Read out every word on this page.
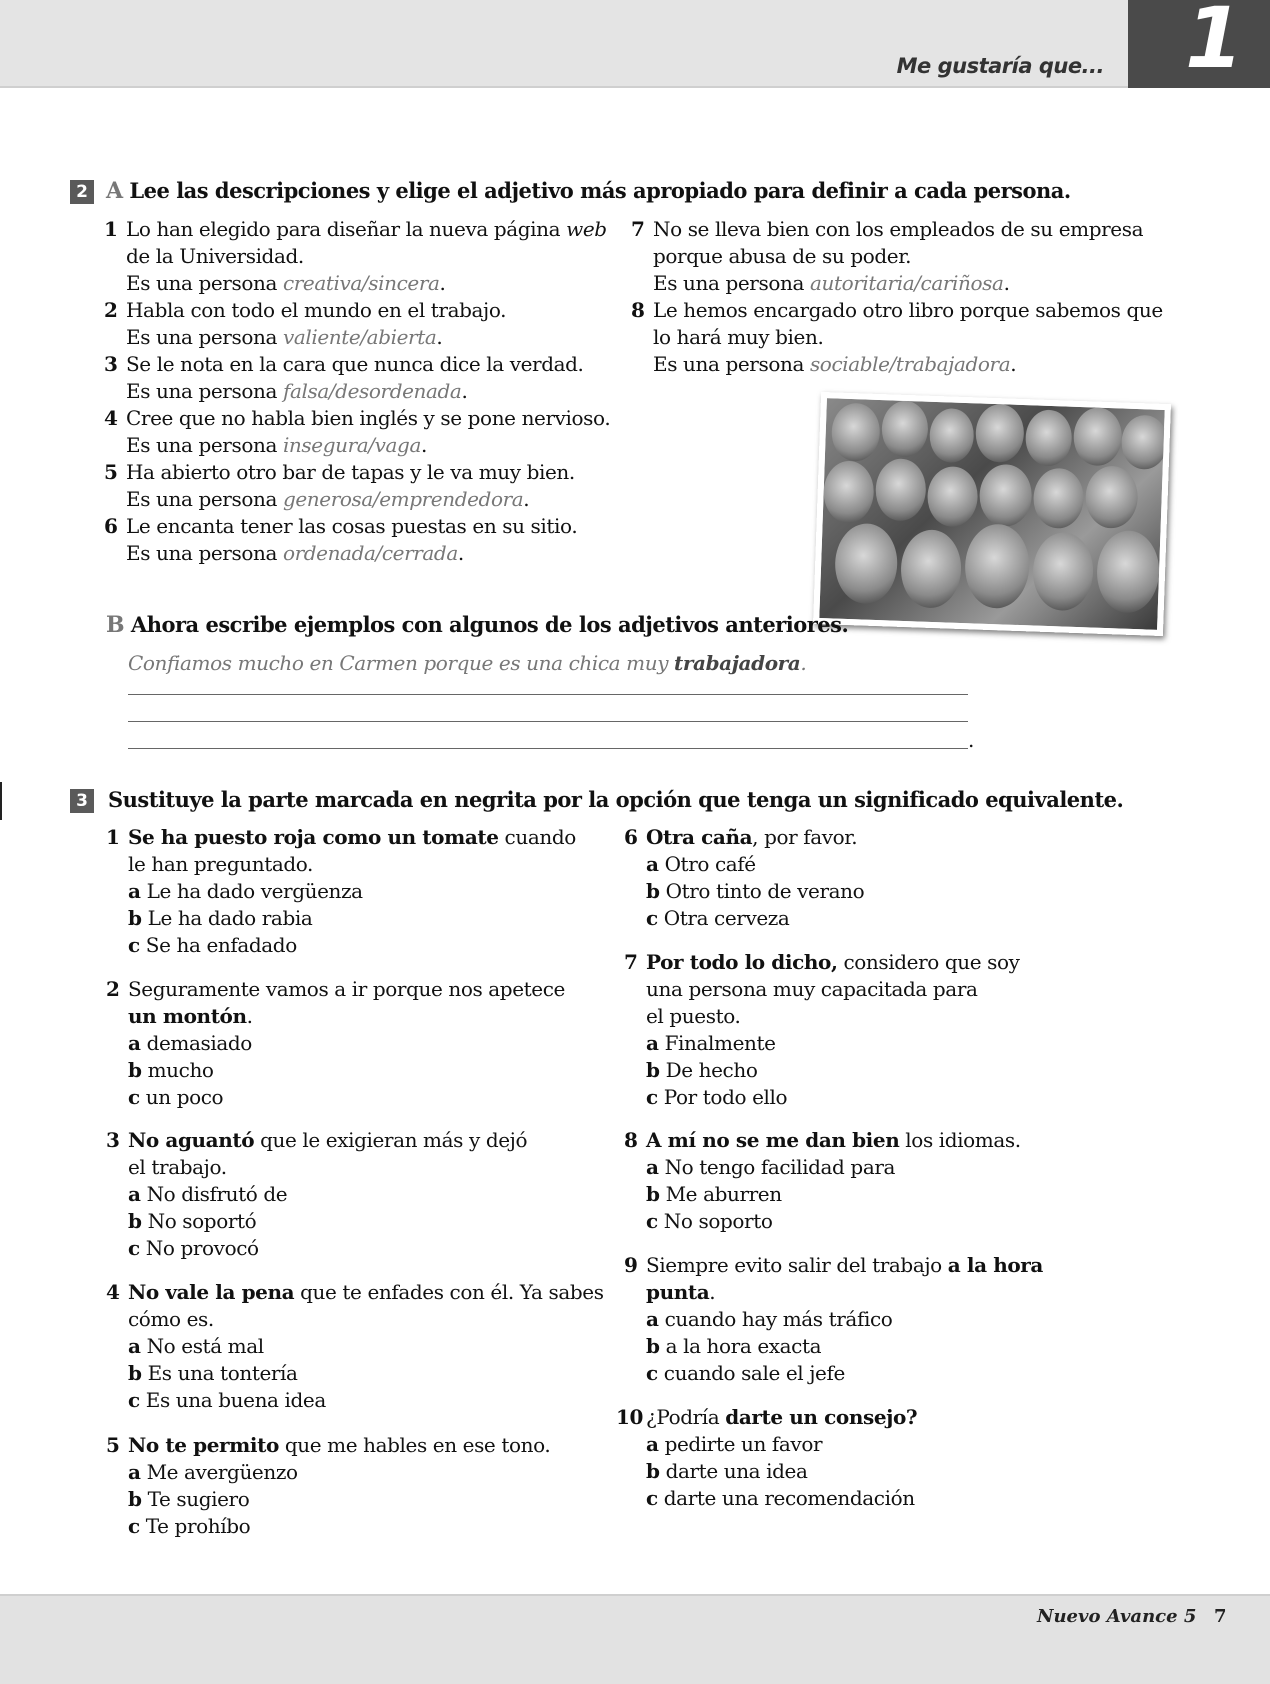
Me gustaría que... 1
2 A Lee las descripciones y elige el adjetivo más apropiado para definir a cada persona.
1 Lo han elegido para diseñar la nueva página web
de la Universidad.
Es una persona creativa/sincera.
2 Habla con todo el mundo en el trabajo.
Es una persona valiente/abierta.
3 Se le nota en la cara que nunca dice la verdad.
Es una persona falsa/desordenada.
4 Cree que no habla bien inglés y se pone nervioso.
Es una persona insegura/vaga.
5 Ha abierto otro bar de tapas y le va muy bien.
Es una persona generosa/emprendedora.
6 Le encanta tener las cosas puestas en su sitio.
Es una persona ordenada/cerrada.
7 No se lleva bien con los empleados de su empresa
porque abusa de su poder.
Es una persona autoritaria/cariñosa.
8 Le hemos encargado otro libro porque sabemos que
lo hará muy bien.
Es una persona sociable/trabajadora.
B Ahora escribe ejemplos con algunos de los adjetivos anteriores.
Confiamos mucho en Carmen porque es una chica muy trabajadora.
.
3 Sustituye la parte marcada en negrita por la opción que tenga un significado equivalente.
1 Se ha puesto roja como un tomate cuando
le han preguntado.
a Le ha dado vergüenza
b Le ha dado rabia
c Se ha enfadado
2 Seguramente vamos a ir porque nos apetece
un montón.
a demasiado
b mucho
c un poco
3 No aguantó que le exigieran más y dejó
el trabajo.
a No disfrutó de
b No soportó
c No provocó
4 No vale la pena que te enfades con él. Ya sabes
cómo es.
a No está mal
b Es una tontería
c Es una buena idea
5 No te permito que me hables en ese tono.
a Me avergüenzo
b Te sugiero
c Te prohíbo
6 Otra caña, por favor.
a Otro café
b Otro tinto de verano
c Otra cerveza
7 Por todo lo dicho, considero que soy
una persona muy capacitada para
el puesto.
a Finalmente
b De hecho
c Por todo ello
8 A mí no se me dan bien los idiomas.
a No tengo facilidad para
b Me aburren
c No soporto
9 Siempre evito salir del trabajo a la hora
punta.
a cuando hay más tráfico
b a la hora exacta
c cuando sale el jefe
10 ¿Podría darte un consejo?
a pedirte un favor
b darte una idea
c darte una recomendación
Nuevo Avance 5 7
